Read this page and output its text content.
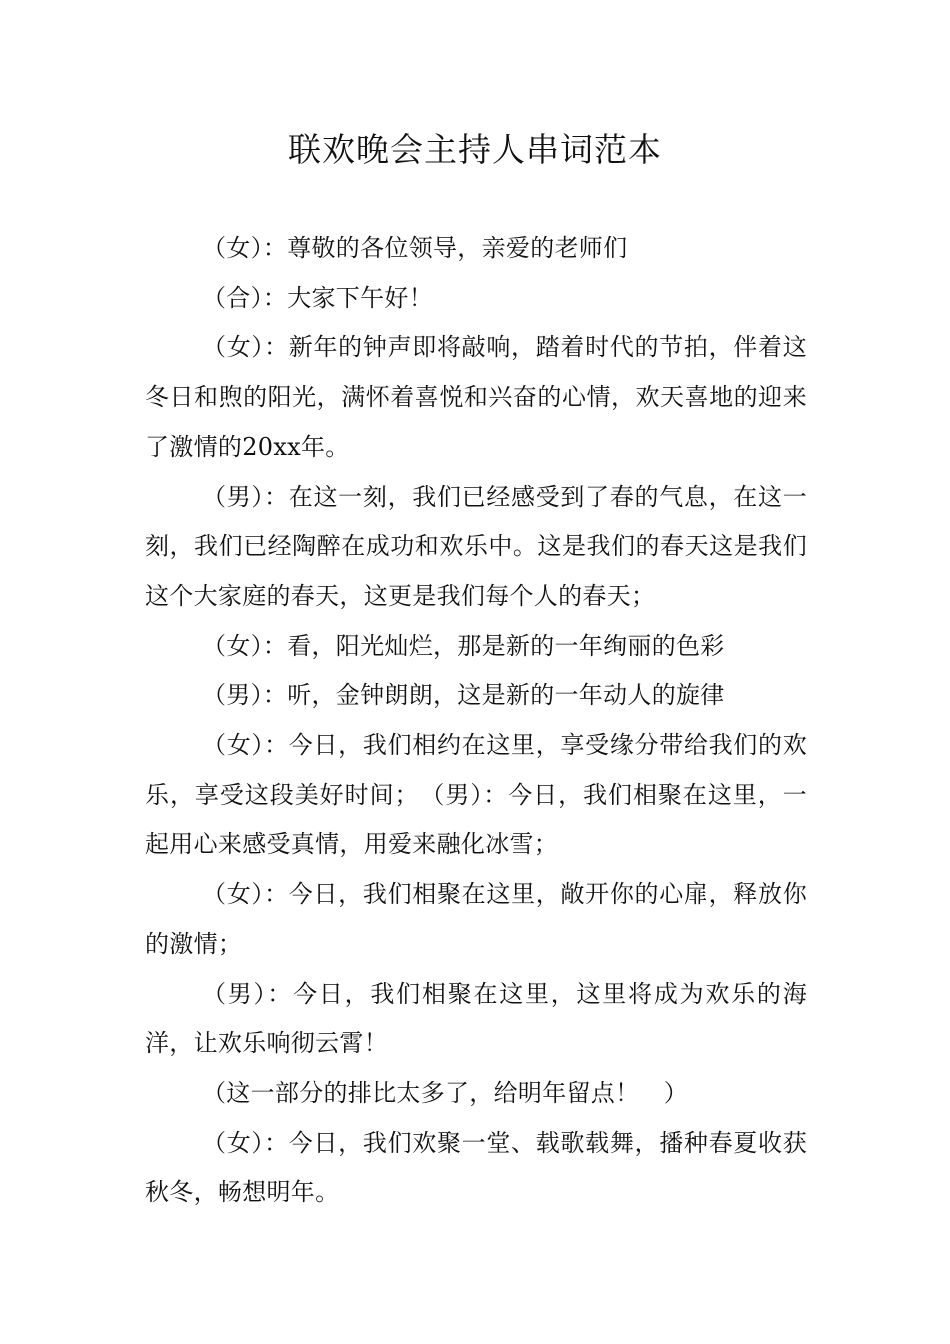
联欢晚会主持人串词范本

（女）：尊敬的各位领导，亲爱的老师们

（合）：大家下午好！

（女）：新年的钟声即将敲响，踏着时代的节拍，伴着这冬日和煦的阳光，满怀着喜悦和兴奋的心情，欢天喜地的迎来了激情的20xx年。

（男）：在这一刻，我们已经感受到了春的气息，在这一刻，我们已经陶醉在成功和欢乐中。这是我们的春天这是我们这个大家庭的春天，这更是我们每个人的春天；

（女）：看，阳光灿烂，那是新的一年绚丽的色彩

（男）：听，金钟朗朗，这是新的一年动人的旋律

（女）：今日，我们相约在这里，享受缘分带给我们的欢乐，享受这段美好时间；　（男）：今日，我们相聚在这里，一起用心来感受真情，用爱来融化冰雪；

（女）：今日，我们相聚在这里，敞开你的心扉，释放你的激情；

（男）：今日，我们相聚在这里，这里将成为欢乐的海洋，让欢乐响彻云霄！

（这一部分的排比太多了，给明年留点！　）

（女）：今日，我们欢聚一堂、载歌载舞，播种春夏收获秋冬，畅想明年。
